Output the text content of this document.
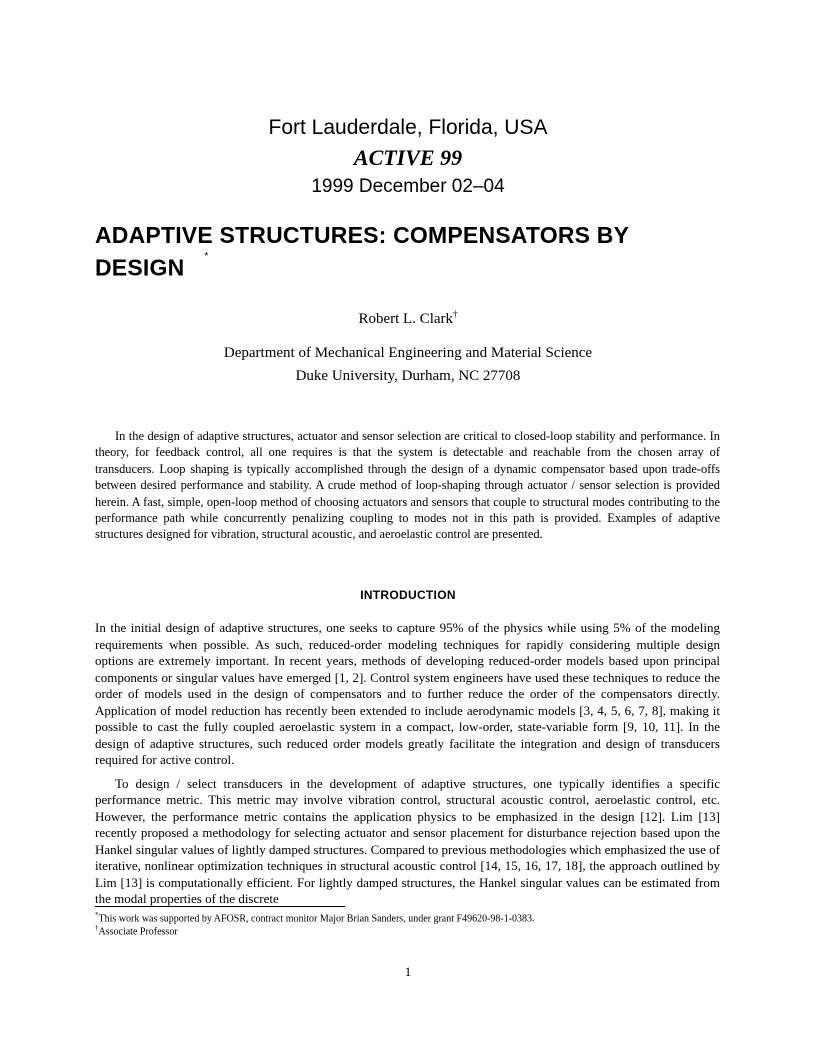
Fort Lauderdale, Florida, USA
ACTIVE 99
1999 December 02–04
ADAPTIVE STRUCTURES: COMPENSATORS BY
DESIGN *
Robert L. Clark†
Department of Mechanical Engineering and Material Science
Duke University, Durham, NC 27708

In the design of adaptive structures, actuator and sensor selection are critical to closed-loop stability and performance. In theory, for feedback control, all one requires is that the system is detectable and reachable from the chosen array of transducers. Loop shaping is typically accomplished through the design of a dynamic compensator based upon trade-offs between desired performance and stability. A crude method of loop-shaping through actuator / sensor selection is provided herein. A fast, simple, open-loop method of choosing actuators and sensors that couple to structural modes contributing to the performance path while concurrently penalizing coupling to modes not in this path is provided. Examples of adaptive structures designed for vibration, structural acoustic, and aeroelastic control are presented.

INTRODUCTION

In the initial design of adaptive structures, one seeks to capture 95% of the physics while using 5% of the modeling requirements when possible. As such, reduced-order modeling techniques for rapidly considering multiple design options are extremely important. In recent years, methods of developing reduced-order models based upon principal components or singular values have emerged [1, 2]. Control system engineers have used these techniques to reduce the order of models used in the design of compensators and to further reduce the order of the compensators directly. Application of model reduction has recently been extended to include aerodynamic models [3, 4, 5, 6, 7, 8], making it possible to cast the fully coupled aeroelastic system in a compact, low-order, state-variable form [9, 10, 11]. In the design of adaptive structures, such reduced order models greatly facilitate the integration and design of transducers required for active control.

To design / select transducers in the development of adaptive structures, one typically identifies a specific performance metric. This metric may involve vibration control, structural acoustic control, aeroelastic control, etc. However, the performance metric contains the application physics to be emphasized in the design [12]. Lim [13] recently proposed a methodology for selecting actuator and sensor placement for disturbance rejection based upon the Hankel singular values of lightly damped structures. Compared to previous methodologies which emphasized the use of iterative, nonlinear optimization techniques in structural acoustic control [14, 15, 16, 17, 18], the approach outlined by Lim [13] is computationally efficient. For lightly damped structures, the Hankel singular values can be estimated from the modal properties of the discrete

*This work was supported by AFOSR, contract monitor Major Brian Sanders, under grant F49620-98-1-0383.
†Associate Professor
1
